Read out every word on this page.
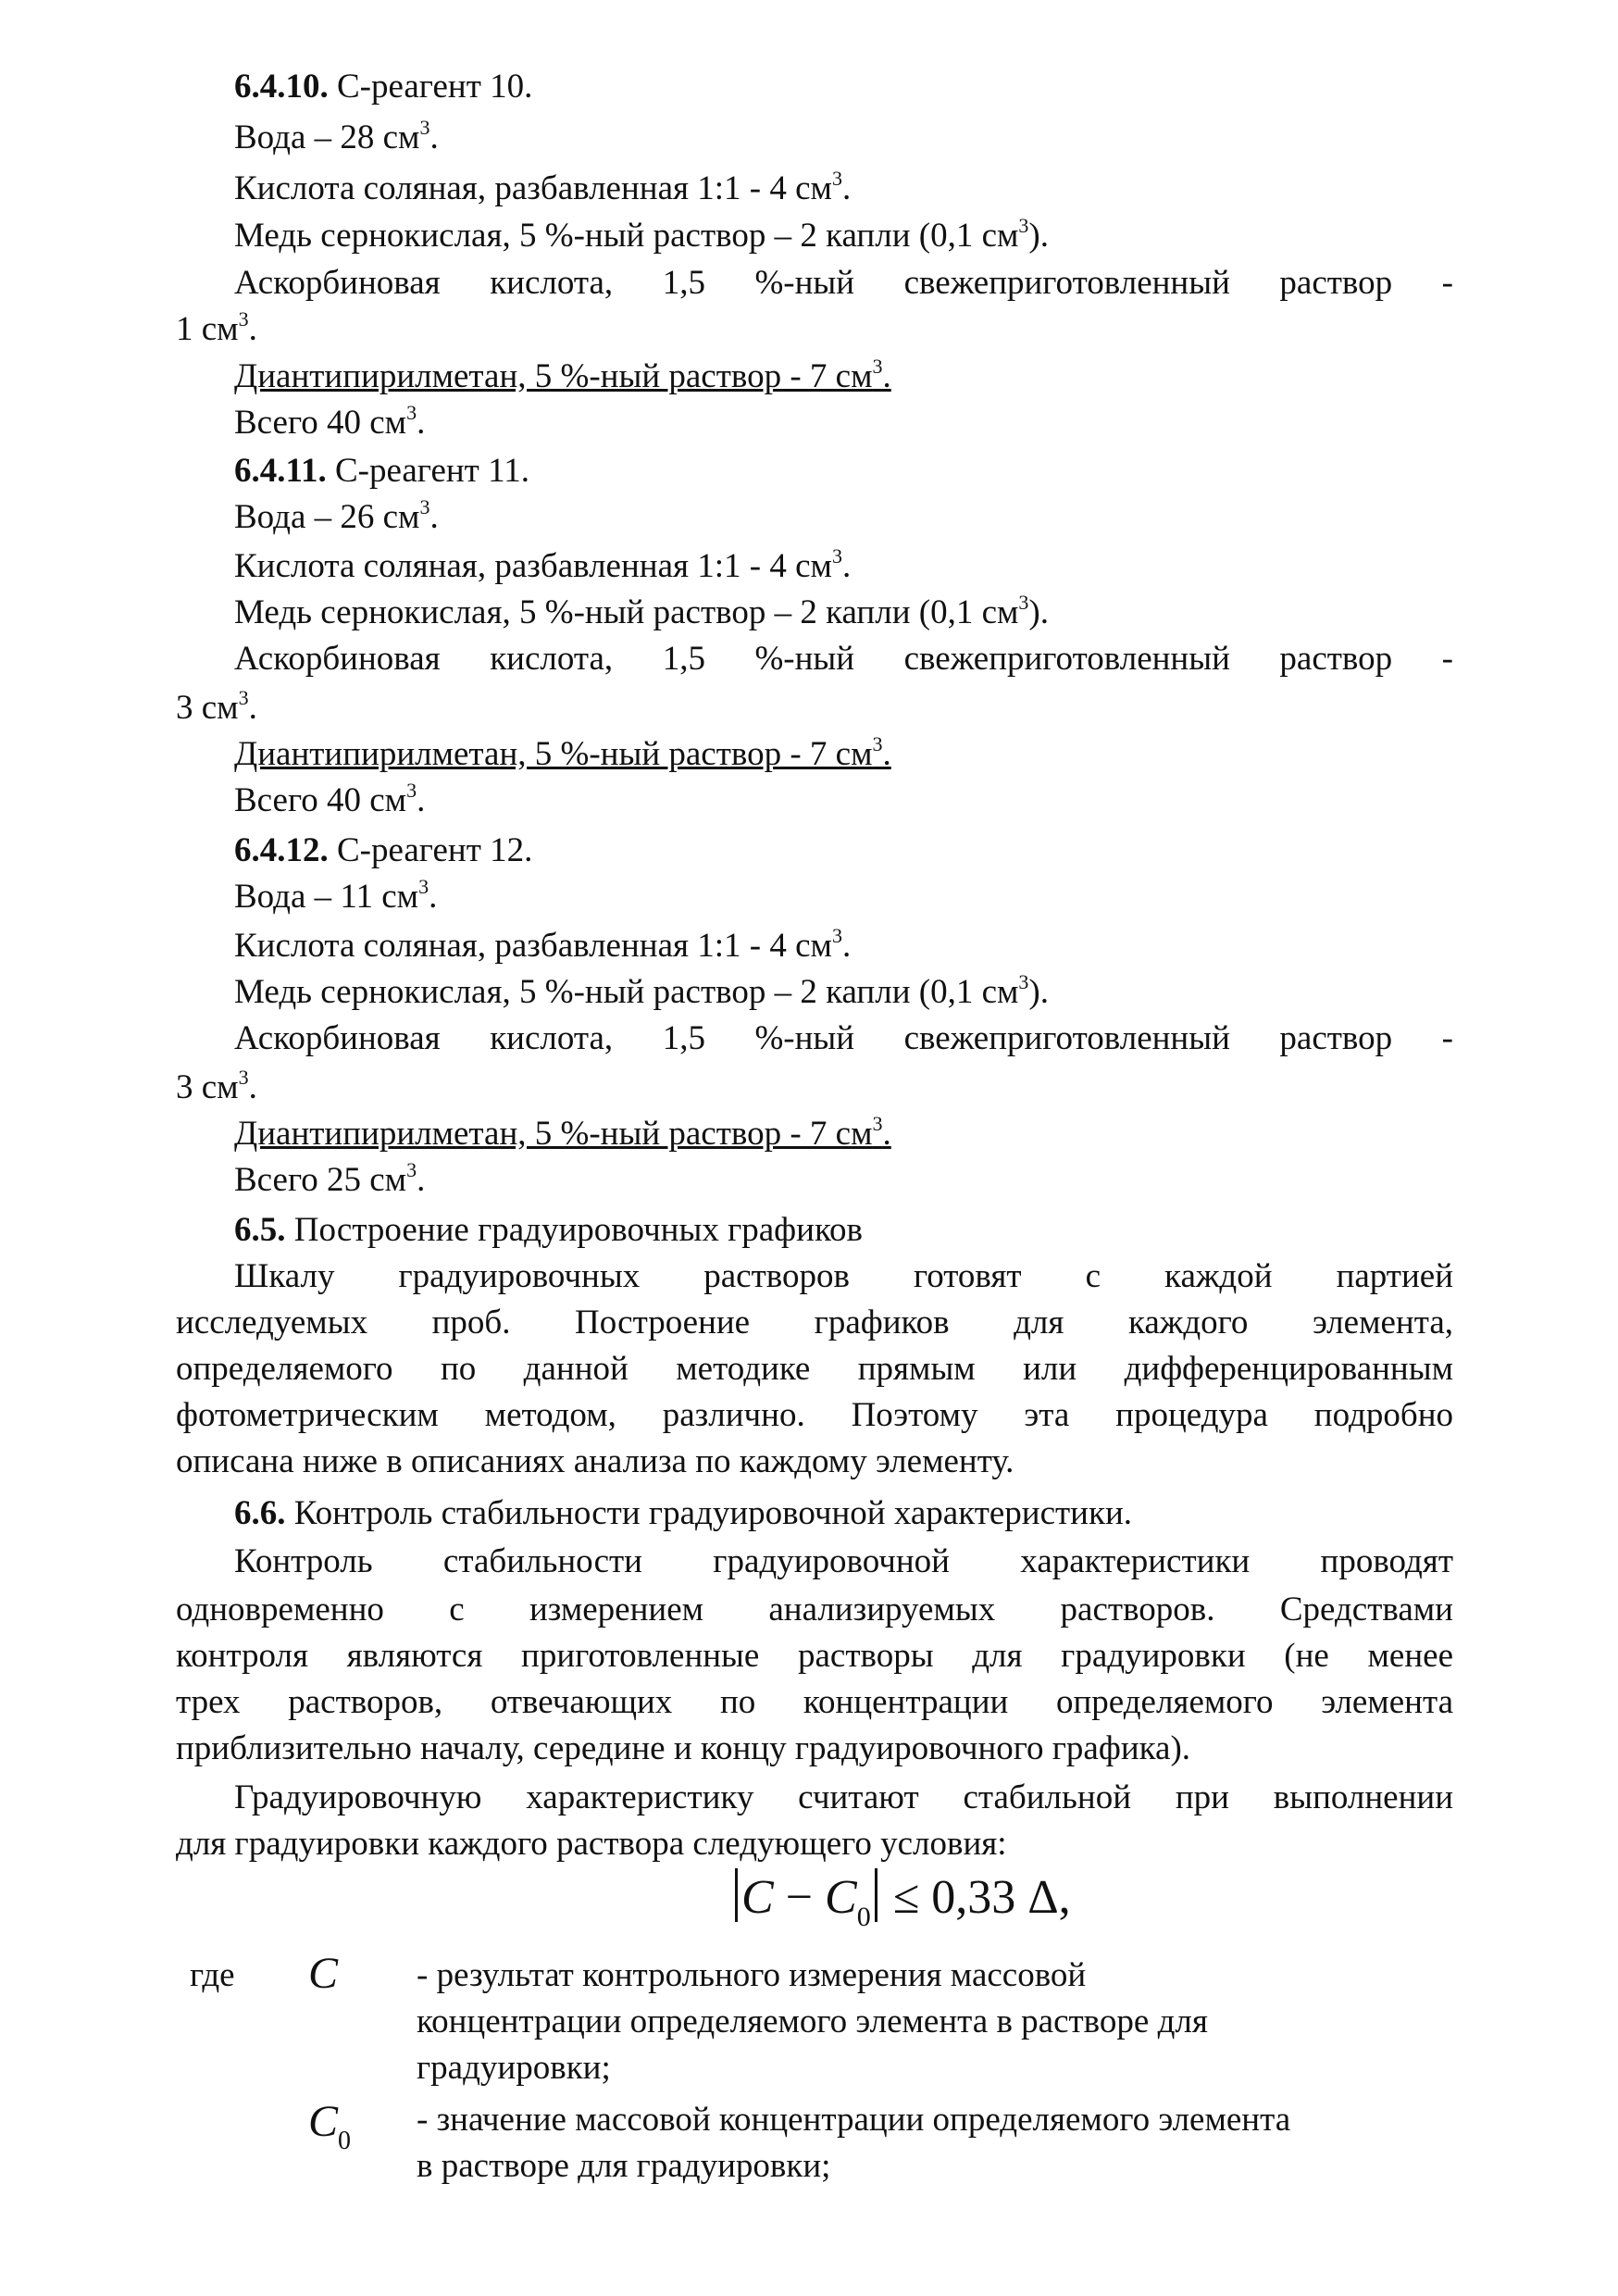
6.4.10. С-реагент 10.
Вода – 28 $см^3$.
Кислота соляная, разбавленная 1:1 - 4 $см^3$.
Медь сернокислая, 5 %-ный раствор – 2 капли (0,1 $см^3$).
Аскорбиновая кислота, 1,5 %-ный свежеприготовленный раствор -
1 $см^3$.
Диантипирилметан, 5 %-ный раствор - 7 $см^3$.
Всего 40 $см^3$.
6.4.11. С-реагент 11.
Вода – 26 $см^3$.
Кислота соляная, разбавленная 1:1 - 4 $см^3$.
Медь сернокислая, 5 %-ный раствор – 2 капли (0,1 $см^3$).
Аскорбиновая кислота, 1,5 %-ный свежеприготовленный раствор -
3 $см^3$.
Диантипирилметан, 5 %-ный раствор - 7 $см^3$.
Всего 40 $см^3$.
6.4.12. С-реагент 12.
Вода – 11 $см^3$.
Кислота соляная, разбавленная 1:1 - 4 $см^3$.
Медь сернокислая, 5 %-ный раствор – 2 капли (0,1 $см^3$).
Аскорбиновая кислота, 1,5 %-ный свежеприготовленный раствор -
3 $см^3$.
Диантипирилметан, 5 %-ный раствор - 7 $см^3$.
Всего 25 $см^3$.
6.5. Построение градуировочных графиков
Шкалу градуировочных растворов готовят с каждой партией
исследуемых проб. Построение графиков для каждого элемента,
определяемого по данной методике прямым или дифференцированным
фотометрическим методом, различно. Поэтому эта процедура подробно
описана ниже в описаниях анализа по каждому элементу.
6.6. Контроль стабильности градуировочной характеристики.
Контроль стабильности градуировочной характеристики проводят
одновременно с измерением анализируемых растворов. Средствами
контроля являются приготовленные растворы для градуировки (не менее
трех растворов, отвечающих по концентрации определяемого элемента
приблизительно началу, середине и концу градуировочного графика).
Градуировочную характеристику считают стабильной при выполнении
для градуировки каждого раствора следующего условия:
$C - C_0 \le 0,33$ Δ,
где C - результат контрольного измерения массовой
концентрации определяемого элемента в растворе для
градуировки;
$C_0$
- значение массовой концентрации определяемого элемента
в растворе для градуировки;
